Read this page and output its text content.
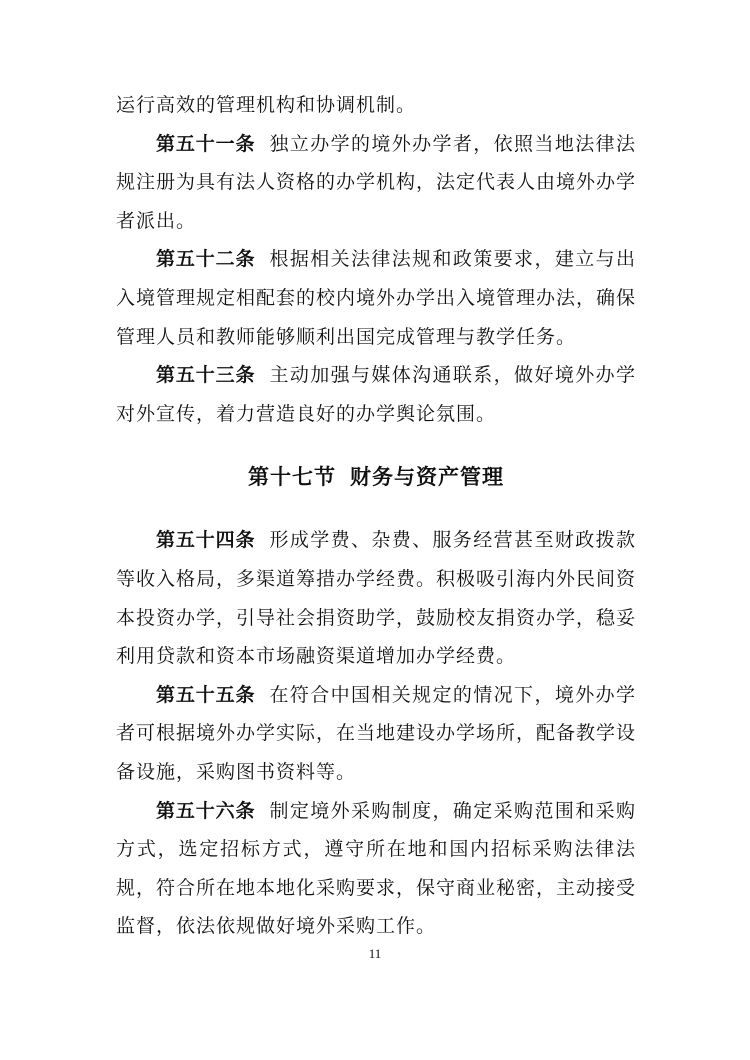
运行高效的管理机构和协调机制。

第五十一条 独立办学的境外办学者，依照当地法律法规注册为具有法人资格的办学机构，法定代表人由境外办学者派出。

第五十二条 根据相关法律法规和政策要求，建立与出入境管理规定相配套的校内境外办学出入境管理办法，确保管理人员和教师能够顺利出国完成管理与教学任务。

第五十三条 主动加强与媒体沟通联系，做好境外办学对外宣传，着力营造良好的办学舆论氛围。

第十七节 财务与资产管理

第五十四条 形成学费、杂费、服务经营甚至财政拨款等收入格局，多渠道筹措办学经费。积极吸引海内外民间资本投资办学，引导社会捐资助学，鼓励校友捐资办学，稳妥利用贷款和资本市场融资渠道增加办学经费。

第五十五条 在符合中国相关规定的情况下，境外办学者可根据境外办学实际，在当地建设办学场所，配备教学设备设施，采购图书资料等。

第五十六条 制定境外采购制度，确定采购范围和采购方式，选定招标方式，遵守所在地和国内招标采购法律法规，符合所在地本地化采购要求，保守商业秘密，主动接受监督，依法依规做好境外采购工作。

11
